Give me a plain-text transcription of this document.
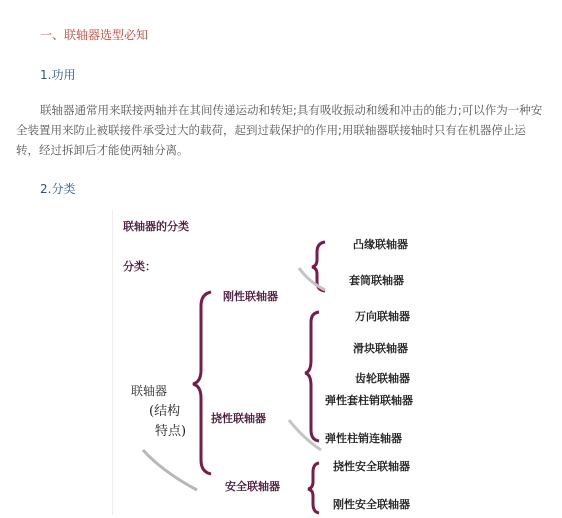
一、联轴器选型必知
1.功用
联轴器通常用来联接两轴并在其间传递运动和转矩;具有吸收振动和缓和冲击的能力;可以作为一种安全装置用来防止被联接件承受过大的载荷，起到过载保护的作用;用联轴器联接轴时只有在机器停止运转，经过拆卸后才能使两轴分离。
2.分类
联轴器的分类
分类：
联轴器
(结构
特点)
刚性联轴器
挠性联轴器
安全联轴器
凸缘联轴器
套筒联轴器
万向联轴器
滑块联轴器
齿轮联轴器
弹性套柱销联轴器
弹性柱销连轴器
挠性安全联轴器
刚性安全联轴器
